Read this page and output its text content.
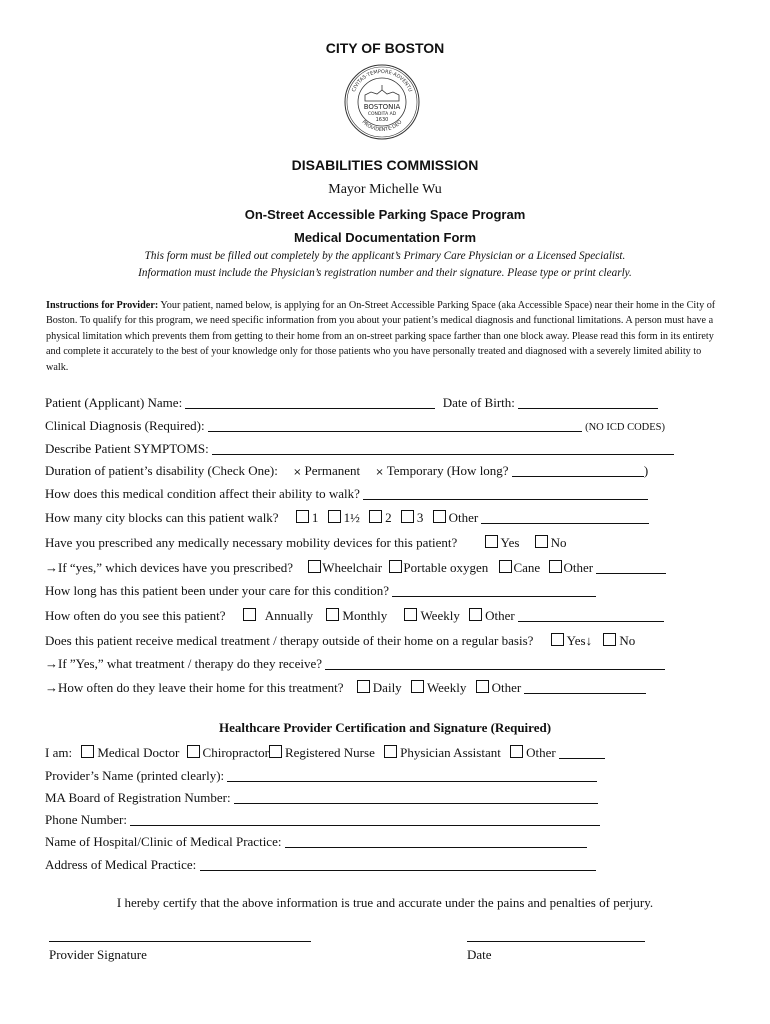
CITY OF BOSTON
CIVITAS·TEMPORE·ADVENTU
PROVIDENTE·DEO
BOSTONIA
CONDITA AD
1630
DISABILITIES COMMISSION
Mayor Michelle Wu
On-Street Accessible Parking Space Program
Medical Documentation Form
This form must be filled out completely by the applicant’s Primary Care Physician or a Licensed Specialist.
Information must include the Physician’s registration number and their signature. Please type or print clearly.
Instructions for Provider: Your patient, named below, is applying for an On-Street Accessible Parking Space (aka Accessible Space) near their home in the City of Boston. To qualify for this program, we need specific information from you about your patient’s medical diagnosis and functional limitations. A person must have a physical limitation which prevents them from getting to their home from an on-street parking space farther than one block away. Please read this form in its entirety and complete it accurately to the best of your knowledge only for those patients who you have personally treated and diagnosed with a severely limited ability to walk.
Patient (Applicant) Name:	Date of Birth:
Clinical Diagnosis (Required):	(NO ICD CODES)
Describe Patient SYMPTOMS:
Duration of patient’s disability (Check One): × Permanent × Temporary (How long?	)
How does this medical condition affect their ability to walk?
How many city blocks can this patient walk?	1 1½ 2 3 Other
Have you prescribed any medically necessary mobility devices for this patient?	Yes No
→If “yes,” which devices have you prescribed? Wheelchair Portable oxygen Cane Other
How long has this patient been under your care for this condition?
How often do you see this patient?	Annually Monthly	Weekly Other
Does this patient receive medical treatment / therapy outside of their home on a regular basis?	Yes↓ No
→If ”Yes,” what treatment / therapy do they receive?
→How often do they leave their home for this treatment? Daily Weekly Other
Healthcare Provider Certification and Signature (Required)
I am: Medical Doctor Chiropractor Registered Nurse Physician Assistant Other
Provider’s Name (printed clearly):
MA Board of Registration Number:
Phone Number:
Name of Hospital/Clinic of Medical Practice:
Address of Medical Practice:
I hereby certify that the above information is true and accurate under the pains and penalties of perjury.
Provider Signature	Date
